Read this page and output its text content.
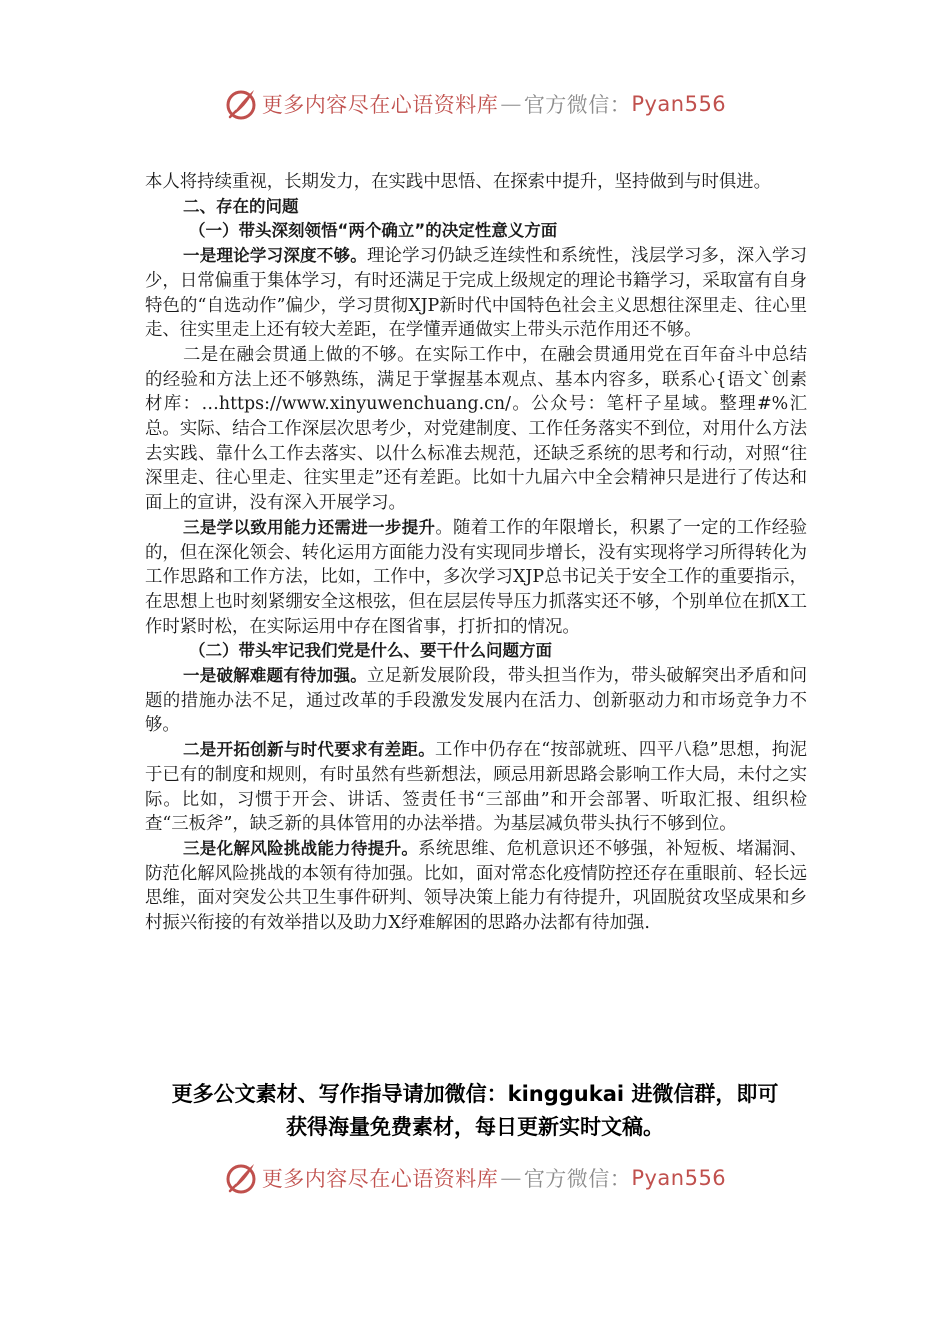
更多内容尽在心语资料库 — 官方微信： Pyan556

本人将持续重视，长期发力，在实践中思悟、在探索中提升，坚持做到与时俱进。

二、存在的问题

（一）带头深刻领悟“两个确立”的决定性意义方面

一是理论学习深度不够。理论学习仍缺乏连续性和系统性，浅层学习多，深入学习少，日常偏重于集体学习，有时还满足于完成上级规定的理论书籍学习，采取富有自身特色的“自选动作”偏少，学习贯彻XJP新时代中国特色社会主义思想往深里走、往心里走、往实里走上还有较大差距，在学懂弄通做实上带头示范作用还不够。

二是在融会贯通上做的不够。在实际工作中，在融会贯通用党在百年奋斗中总结的经验和方法上还不够熟练，满足于掌握基本观点、基本内容多，联系心{语文`创素材库：…https://www.xinyuwenchuang.cn/。公众号：笔杆子星域。整理#%汇总。实际、结合工作深层次思考少，对党建制度、工作任务落实不到位，对用什么方法去实践、靠什么工作去落实、以什么标准去规范，还缺乏系统的思考和行动，对照“往深里走、往心里走、往实里走”还有差距。比如十九届六中全会精神只是进行了传达和面上的宣讲，没有深入开展学习。

三是学以致用能力还需进一步提升。随着工作的年限增长，积累了一定的工作经验的，但在深化领会、转化运用方面能力没有实现同步增长，没有实现将学习所得转化为工作思路和工作方法，比如，工作中，多次学习XJP总书记关于安全工作的重要指示，在思想上也时刻紧绷安全这根弦，但在层层传导压力抓落实还不够，个别单位在抓X工作时紧时松，在实际运用中存在图省事，打折扣的情况。

（二）带头牢记我们党是什么、要干什么问题方面

一是破解难题有待加强。立足新发展阶段，带头担当作为，带头破解突出矛盾和问题的措施办法不足，通过改革的手段激发发展内在活力、创新驱动力和市场竞争力不够。

二是开拓创新与时代要求有差距。工作中仍存在“按部就班、四平八稳”思想，拘泥于已有的制度和规则，有时虽然有些新想法，顾忌用新思路会影响工作大局，未付之实际。比如，习惯于开会、讲话、签责任书“三部曲”和开会部署、听取汇报、组织检查“三板斧”，缺乏新的具体管用的办法举措。为基层减负带头执行不够到位。

三是化解风险挑战能力待提升。系统思维、危机意识还不够强，补短板、堵漏洞、防范化解风险挑战的本领有待加强。比如，面对常态化疫情防控还存在重眼前、轻长远思维，面对突发公共卫生事件研判、领导决策上能力有待提升，巩固脱贫攻坚成果和乡村振兴衔接的有效举措以及助力X纾难解困的思路办法都有待加强.

更多公文素材、写作指导请加微信：kinggukai 进微信群，即可
获得海量免费素材，每日更新实时文稿。
更多内容尽在心语资料库 — 官方微信： Pyan556
